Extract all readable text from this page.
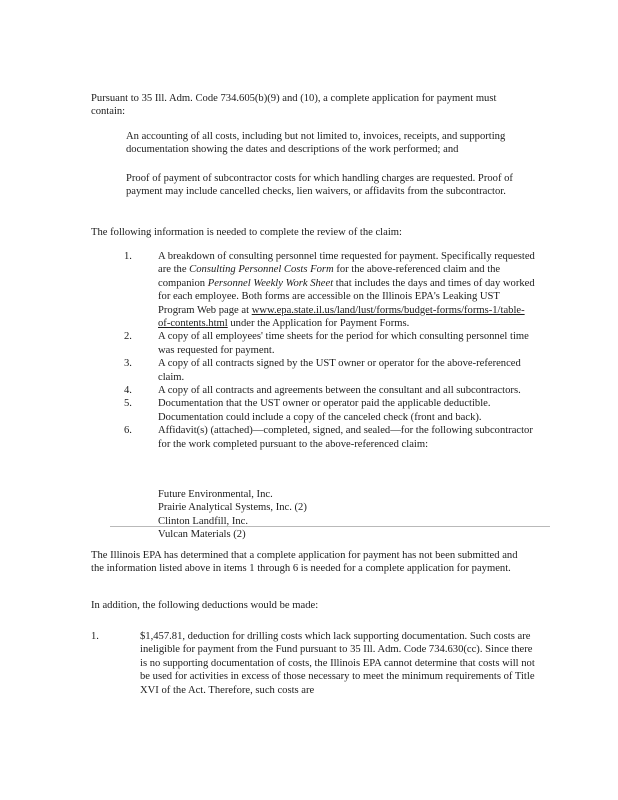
Pursuant to 35 Ill. Adm. Code 734.605(b)(9) and (10), a complete application for payment must contain:

An accounting of all costs, including but not limited to, invoices, receipts, and supporting documentation showing the dates and descriptions of the work performed; and

Proof of payment of subcontractor costs for which handling charges are requested. Proof of payment may include cancelled checks, lien waivers, or affidavits from the subcontractor.

The following information is needed to complete the review of the claim:

1. A breakdown of consulting personnel time requested for payment. Specifically requested are the Consulting Personnel Costs Form for the above-referenced claim and the companion Personnel Weekly Work Sheet that includes the days and times of day worked for each employee. Both forms are accessible on the Illinois EPA's Leaking UST Program Web page at www.epa.state.il.us/land/lust/forms/budget-forms/forms-1/table-of-contents.html under the Application for Payment Forms.
2. A copy of all employees' time sheets for the period for which consulting personnel time was requested for payment.
3. A copy of all contracts signed by the UST owner or operator for the above-referenced claim.
4. A copy of all contracts and agreements between the consultant and all subcontractors.
5. Documentation that the UST owner or operator paid the applicable deductible. Documentation could include a copy of the canceled check (front and back).
6. Affidavit(s) (attached)—completed, signed, and sealed—for the following subcontractor for the work completed pursuant to the above-referenced claim:

Future Environmental, Inc.

Prairie Analytical Systems, Inc. (2)

Clinton Landfill, Inc.

Vulcan Materials (2)

The Illinois EPA has determined that a complete application for payment has not been submitted and the information listed above in items 1 through 6 is needed for a complete application for payment.

In addition, the following deductions would be made:

1.	$1,457.81, deduction for drilling costs which lack supporting documentation. Such costs are ineligible for payment from the Fund pursuant to 35 Ill. Adm. Code 734.630(cc). Since there is no supporting documentation of costs, the Illinois EPA cannot determine that costs will not be used for activities in excess of those necessary to meet the minimum requirements of Title XVI of the Act. Therefore, such costs are
